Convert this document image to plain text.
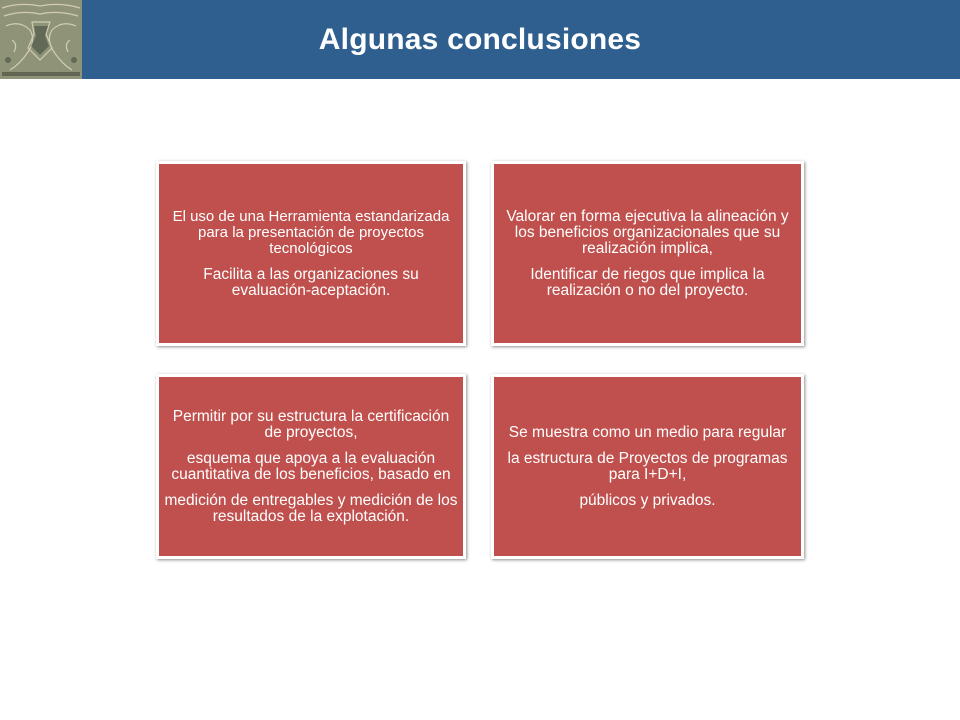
Algunas conclusiones

El uso de una Herramienta estandarizada para la presentación de proyectos tecnológicos

Facilita a las organizaciones su evaluación-aceptación.

Valorar en forma ejecutiva la alineación y los beneficios organizacionales que su realización implica,

Identificar de riegos que implica la realización o no del proyecto.

Permitir por su estructura la certificación de proyectos,

esquema que apoya a la evaluación cuantitativa de los beneficios, basado en

medición de entregables y medición de los resultados de la explotación.

Se muestra como un medio para regular

la estructura de Proyectos de programas para I+D+I,

públicos y privados.
